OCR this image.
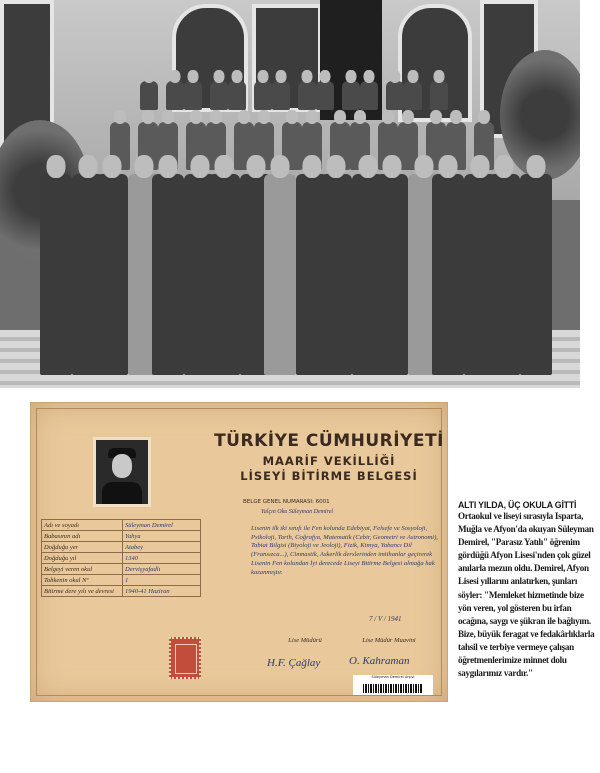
TÜRKİYE CÜMHURİYETİ
MAARİF VEKİLLİĞİ
LİSEYİ BİTİRME BELGESİ
BELGE GENEL NUMARASI: 6001
Yalçın Oku Süleyman Demirel
Adı ve soyadı	Süleyman Demirel
Babasının adı	Yahya
Doğduğu yer	Atabey
Doğduğu yıl	1340
Belgeyi veren okul	Dervişyafadlı
Tahkenin okul Nº	1
Bitirme dere yılı ve devresi	1940-41 Haziran
Lisenin ilk iki sınıfı ile Fen kolunda Edebiyat, Felsefe ve Sosyoloji, Psikoloji, Tarih, Coğrafya, Matematik (Cebir, Geometri ve Astronomi), Tabiat Bilgisi (Biyoloji ve Jeoloji), Fizik, Kimya, Yabancı Dil (Fransızca...), Cimnastik, Askerlik derslerinden imtihanlar geçirerek Lisenin Fen kolundan İyi derecede Liseyi Bitirme Belgesi almağa hak kazanmıştır.
7 / V / 1941
Lise Müdürü	Lise Müdür Muavini
H.F. Çağlay	O. Kahraman
Süleyman Demirel Arşivi
ALTI YILDA, ÜÇ OKULA GİTTİ
Ortaokul ve liseyi sırasıyla Isparta, Muğla ve Afyon'da okuyan Süleyman Demirel, "Parasız Yatılı" öğrenim gördüğü Afyon Lisesi'nden çok güzel anılarla mezun oldu. Demirel, Afyon Lisesi yıllarını anlatırken, şunları söyler: "Memleket hizmetinde bize yön veren, yol gösteren bu irfan ocağına, saygı ve şükran ile bağlıyım. Bize, büyük feragat ve fedakârlıklarla tahsil ve terbiye vermeye çalışan öğretmenlerimize minnet dolu saygılarımız vardır."
